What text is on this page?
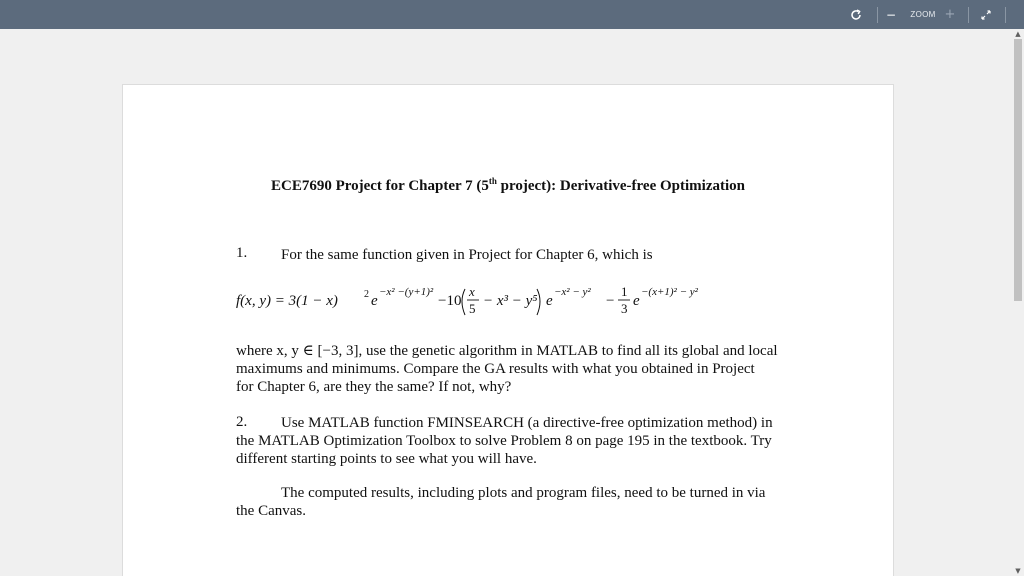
−	ZOOM +
ECE7690 Project for Chapter 7 (5th project): Derivative-free Optimization
1. For the same function given in Project for Chapter 6, which is
f(x, y) = 3(1 − x)	2 e
−x² −(y+1)²
−10
x
5 − x³ − y⁵ e
−x² − y²
−
1
3 e
−(x+1)² − y²
where x, y ∈ [−3, 3], use the genetic algorithm in MATLAB to find all its global and local
maximums and minimums. Compare the GA results with what you obtained in Project
for Chapter 6, are they the same? If not, why?
2. Use MATLAB function FMINSEARCH (a directive-free optimization method) in
the MATLAB Optimization Toolbox to solve Problem 8 on page 195 in the textbook. Try
different starting points to see what you will have.
The computed results, including plots and program files, need to be turned in via
the Canvas.
▲
▼
